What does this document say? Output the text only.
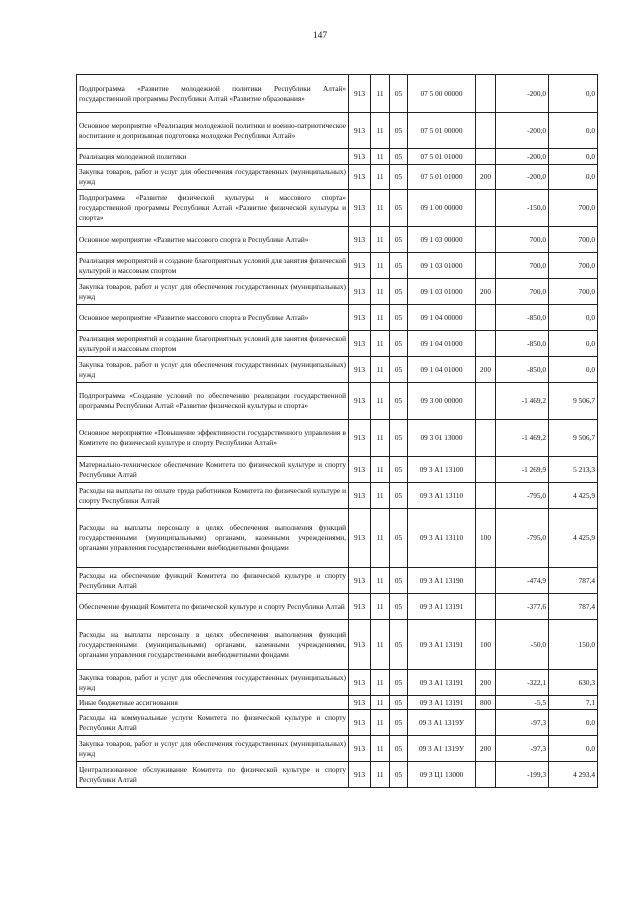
147
Подпрограмма «Развитие молодежной политики Республики Алтай» государственной программы Республики Алтай «Развитие образования»	913	11	05	07 5 00 00000		-200,0	0,0
Основное мероприятие «Реализация молодежной политики и военно-патриотическое воспитание и допризывная подготовка молодежи Республики Алтай»	913	11	05	07 5 01 00000		-200,0	0,0
Реализация молодежной политики	913	11	05	07 5 01 01000		-200,0	0,0
Закупка товаров, работ и услуг для обеспечения государственных (муниципальных) нужд	913	11	05	07 5 01 01000	200	-200,0	0,0
Подпрограмма «Развитие физической культуры и массового спорта» государственной программы Республики Алтай «Развитие физической культуры и спорта»	913	11	05	09 1 00 00000		-150,0	700,0
Основное мероприятие «Развитие массового спорта в Республике Алтай»	913	11	05	09 1 03 00000		700,0	700,0
Реализация мероприятий и создание благоприятных условий для занятия физической культурой и массовым спортом	913	11	05	09 1 03 01000		700,0	700,0
Закупка товаров, работ и услуг для обеспечения государственных (муниципальных) нужд	913	11	05	09 1 03 01000	200	700,0	700,0
Основное мероприятие «Развитие массового спорта в Республике Алтай»	913	11	05	09 1 04 00000		-850,0	0,0
Реализация мероприятий и создание благоприятных условий для занятия физической культурой и массовым спортом	913	11	05	09 1 04 01000		-850,0	0,0
Закупка товаров, работ и услуг для обеспечения государственных (муниципальных) нужд	913	11	05	09 1 04 01000	200	-850,0	0,0
Подпрограмма «Создание условий по обеспечению реализации государственной программы Республики Алтай «Развитие физической культуры и спорта»	913	11	05	09 3 00 00000		-1 469,2	9 506,7
Основное мероприятие «Повышение эффективности государственного управления в Комитете по физической культуре и спорту Республики Алтай»	913	11	05	09 3 01 13000		-1 469,2	9 506,7
Материально-техническое обеспечение Комитета по физической культуре и спорту Республики Алтай	913	11	05	09 3 А1 13100		-1 269,9	5 213,3
Расходы на выплаты по оплате труда работников Комитета по физической культуре и спорту Республики Алтай	913	11	05	09 3 А1 13110		-795,0	4 425,9
Расходы на выплаты персоналу в целях обеспечения выполнения функций государственными (муниципальными) органами, казенными учреждениями, органами управления государственными внебюджетными фондами	913	11	05	09 3 А1 13110	100	-795,0	4 425,9
Расходы на обеспечение функций Комитета по физической культуре и спорту Республики Алтай	913	11	05	09 3 А1 13190		-474,9	787,4
Обеспечение функций Комитета по физической культуре и спорту Республики Алтай	913	11	05	09 3 А1 13191		-377,6	787,4
Расходы на выплаты персоналу в целях обеспечения выполнения функций государственными (муниципальными) органами, казенными учреждениями, органами управления государственными внебюджетными фондами	913	11	05	09 3 А1 13191	100	-50,0	150,0
Закупка товаров, работ и услуг для обеспечения государственных (муниципальных) нужд	913	11	05	09 3 А1 13191	200	-322,1	630,3
Иные бюджетные ассигнования	913	11	05	09 3 А1 13191	800	-5,5	7,1
Расходы на коммунальные услуги Комитета по физической культуре и спорту Республики Алтай	913	11	05	09 3 А1 1319У		-97,3	0,0
Закупка товаров, работ и услуг для обеспечения государственных (муниципальных) нужд	913	11	05	09 3 А1 1319У	200	-97,3	0,0
Централизованное обслуживание Комитета по физической культуре и спорту Республики Алтай	913	11	05	09 3 Ц1 13000		-199,3	4 293,4
